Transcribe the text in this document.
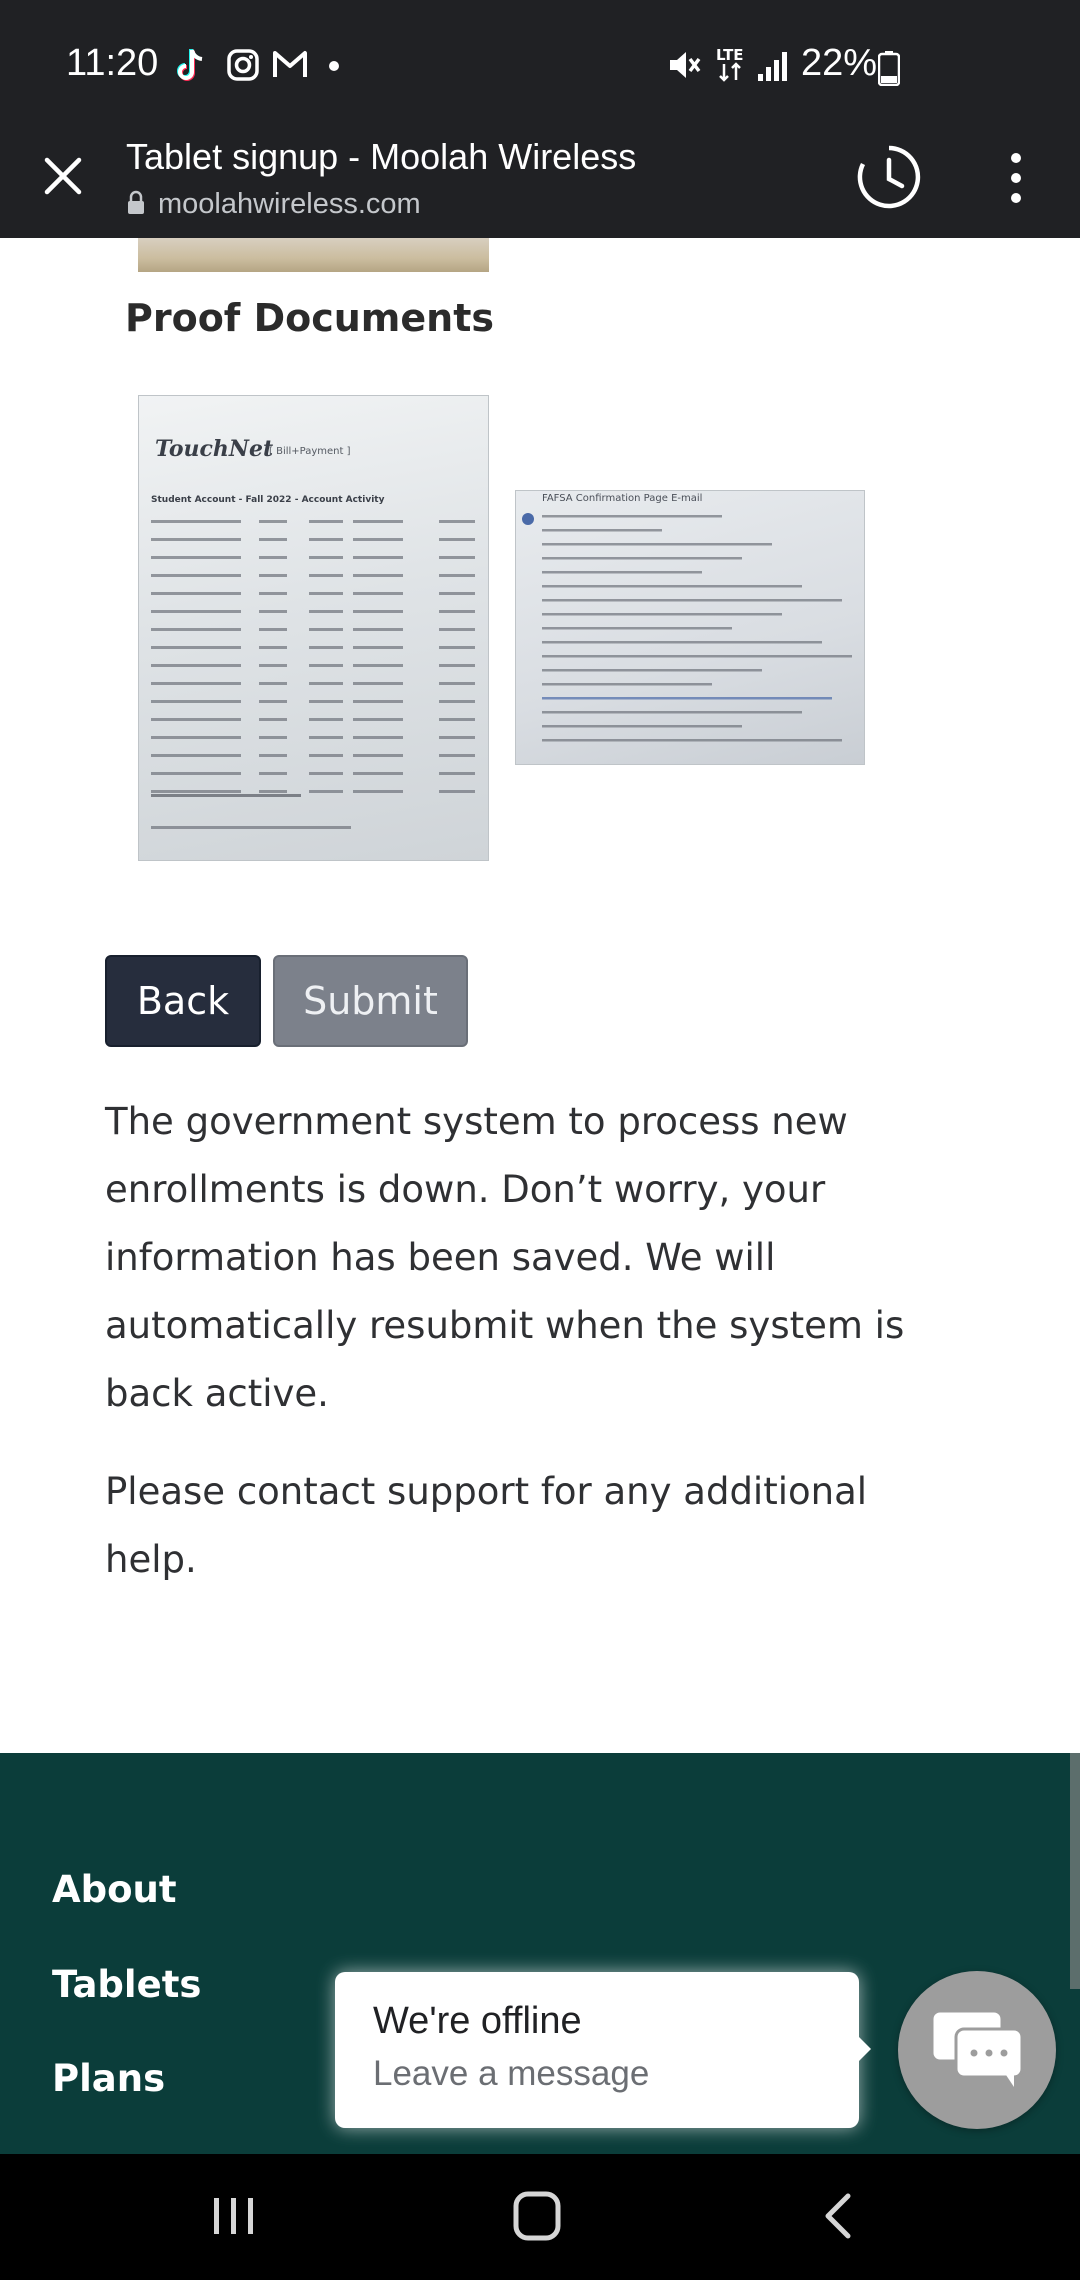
11:20	LTE 22%
Tablet signup - Moolah Wireless
moolahwireless.com
Proof Documents
TouchNet
[ Bill+Payment ]
Student Account - Fall 2022 - Account Activity	FAFSA Confirmation Page E-mail
Back	Submit

The government system to process new enrollments is down. Don’t worry, your information has been saved. We will automatically resubmit when the system is back active.

Please contact support for any additional help.

About
Tablets
Plans
We're offline
Leave a message
